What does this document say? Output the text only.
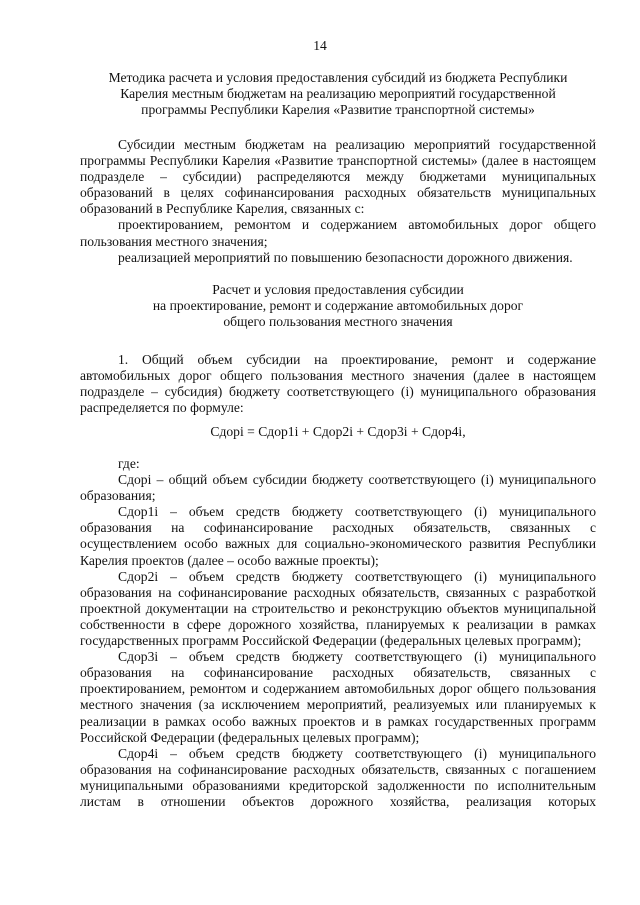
14

Методика расчета и условия предоставления субсидий из бюджета Республики

Карелия местным бюджетам на реализацию мероприятий государственной

программы Республики Карелия «Развитие транспортной системы»

Субсидии местным бюджетам на реализацию мероприятий государственной программы Республики Карелия «Развитие транспортной системы» (далее в настоящем подразделе – субсидии) распределяются между бюджетами муниципальных образований в целях софинансирования расходных обязательств муниципальных образований в Республике Карелия, связанных с:

проектированием, ремонтом и содержанием автомобильных дорог общего пользования местного значения;

реализацией мероприятий по повышению безопасности дорожного движения.

Расчет и условия предоставления субсидии

на проектирование, ремонт и содержание автомобильных дорог

общего пользования местного значения

1. Общий объем субсидии на проектирование, ремонт и содержание автомобильных дорог общего пользования местного значения (далее в настоящем подразделе – субсидия) бюджету соответствующего (i) муниципального образования распределяется по формуле:

Сдорi = Сдор1i + Сдор2i + Сдор3i + Сдор4i,

где:

Сдорi – общий объем субсидии бюджету соответствующего (i) муниципального образования;

Сдор1i – объем средств бюджету соответствующего (i) муниципального образования на софинансирование расходных обязательств, связанных с осуществлением особо важных для социально-экономического развития Республики Карелия проектов (далее – особо важные проекты);

Сдор2i – объем средств бюджету соответствующего (i) муниципального образования на софинансирование расходных обязательств, связанных с разработкой проектной документации на строительство и реконструкцию объектов муниципальной собственности в сфере дорожного хозяйства, планируемых к реализации в рамках государственных программ Российской Федерации (федеральных целевых программ);

Сдор3i – объем средств бюджету соответствующего (i) муниципального образования на софинансирование расходных обязательств, связанных с проектированием, ремонтом и содержанием автомобильных дорог общего пользования местного значения (за исключением мероприятий, реализуемых или планируемых к реализации в рамках особо важных проектов и в рамках государственных программ Российской Федерации (федеральных целевых программ);

Сдор4i – объем средств бюджету соответствующего (i) муниципального образования на софинансирование расходных обязательств, связанных с погашением муниципальными образованиями кредиторской задолженности по исполнительным листам в отношении объектов дорожного хозяйства, реализация которых
